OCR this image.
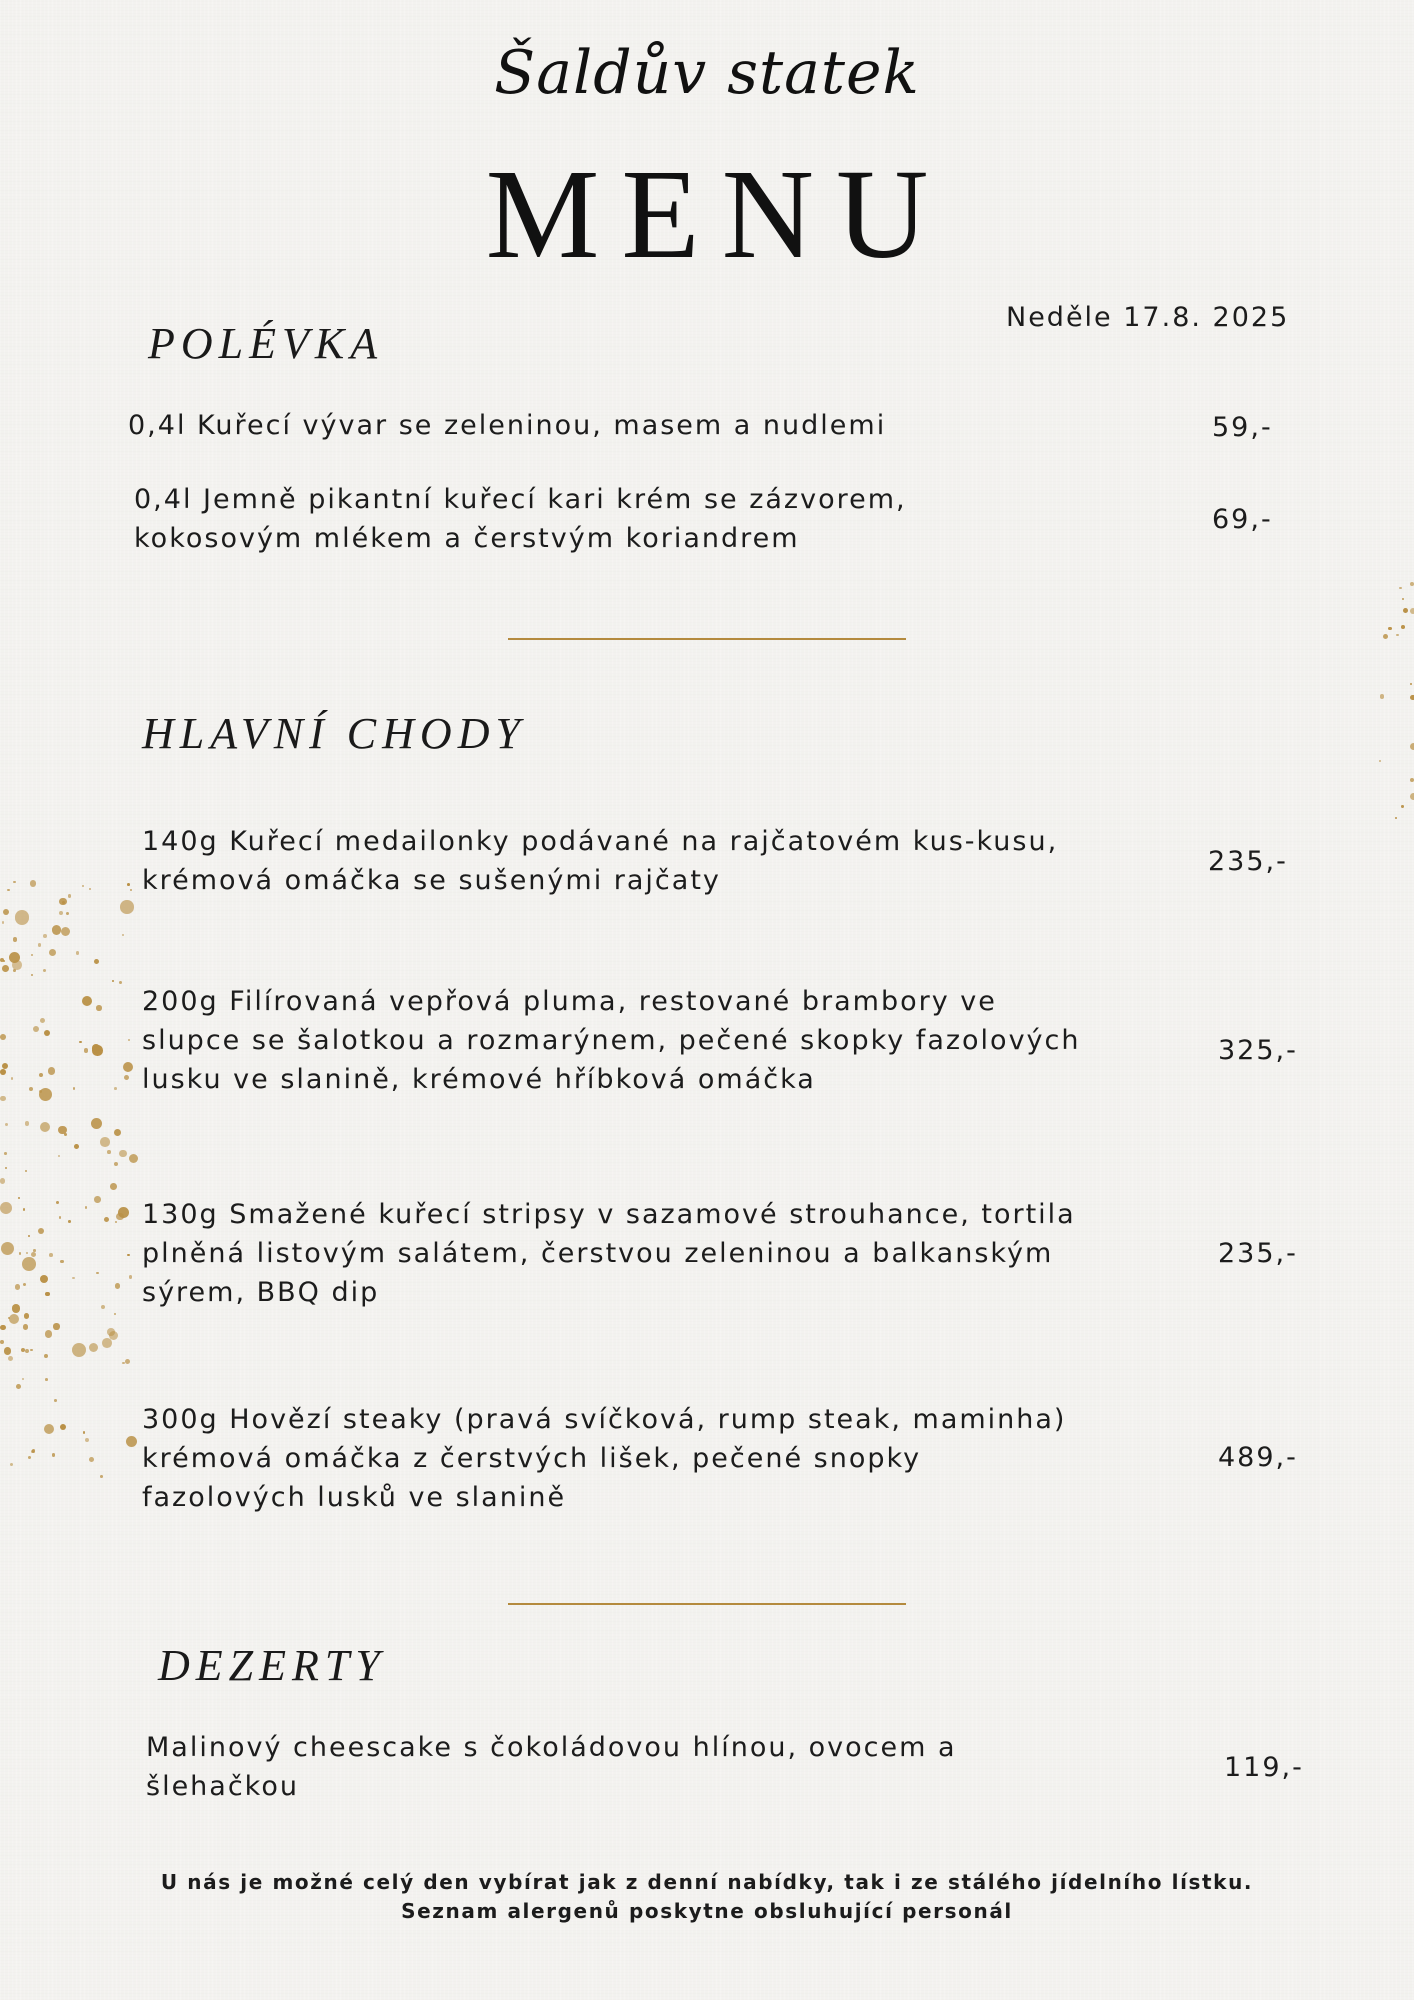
Šaldův statek
MENU
Neděle 17.8. 2025
POLÉVKA
0,4l Kuřecí vývar se zeleninou, masem a nudlemi	59,-
0,4l Jemně pikantní kuřecí kari krém se zázvorem,
kokosovým mlékem a čerstvým koriandrem
69,-
HLAVNÍ CHODY
140g Kuřecí medailonky podávané na rajčatovém kus-kusu,
krémová omáčka se sušenými rajčaty
235,-
200g Filírovaná vepřová pluma, restované brambory ve
slupce se šalotkou a rozmarýnem, pečené skopky fazolových
lusku ve slanině, krémové hříbková omáčka
325,-
130g Smažené kuřecí stripsy v sazamové strouhance, tortila
plněná listovým salátem, čerstvou zeleninou a balkanským
sýrem, BBQ dip
235,-
300g Hovězí steaky (pravá svíčková, rump steak, maminha)
krémová omáčka z čerstvých lišek, pečené snopky
fazolových lusků ve slanině
489,-
DEZERTY
Malinový cheescake s čokoládovou hlínou, ovocem a
šlehačkou
119,-
U nás je možné celý den vybírat jak z denní nabídky, tak i ze stálého jídelního lístku.
Seznam alergenů poskytne obsluhující personál
